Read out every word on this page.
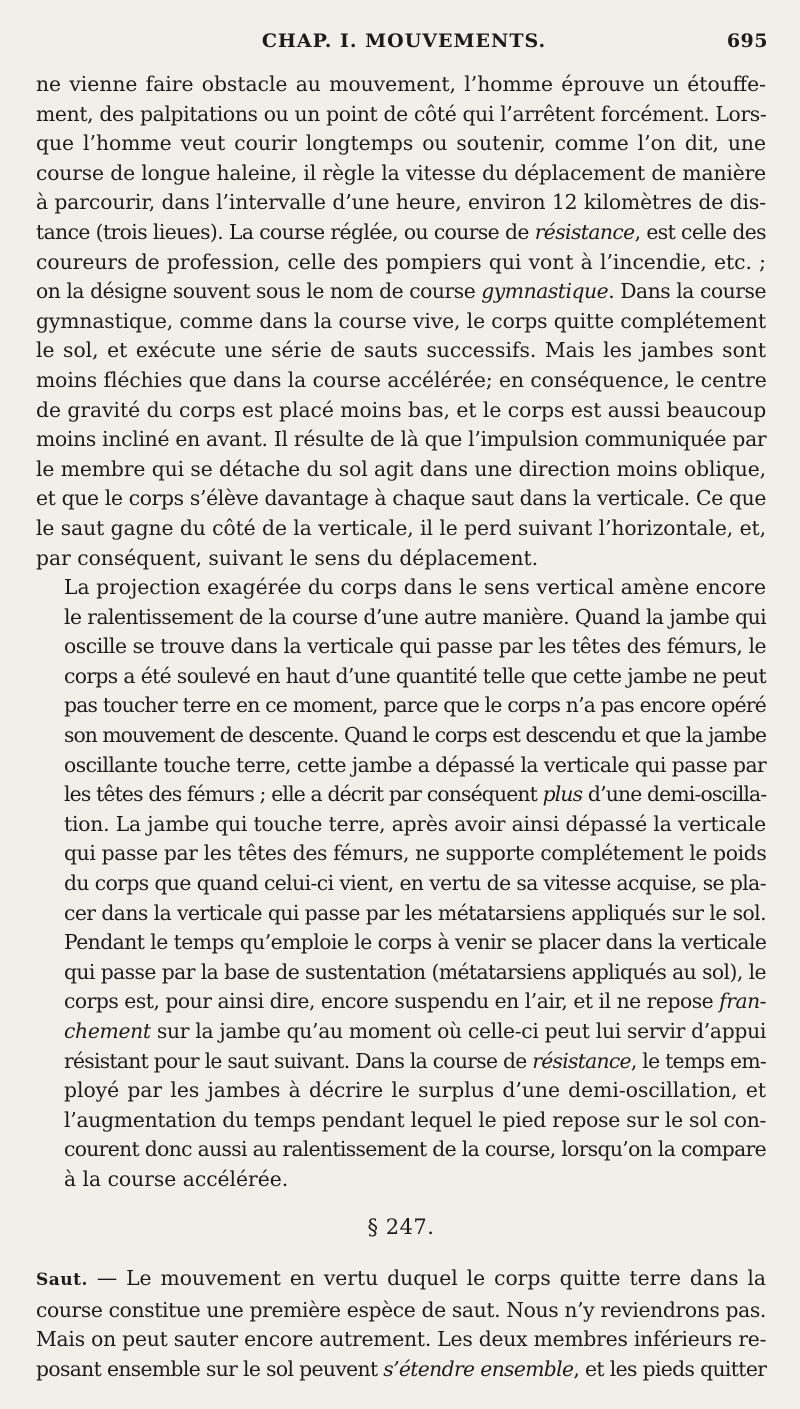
CHAP. I. MOUVEMENTS.	695

ne vienne faire obstacle au mouvement, l’homme éprouve un étouffe-
ment, des palpitations ou un point de côté qui l’arrêtent forcément. Lors-
que l’homme veut courir longtemps ou soutenir, comme l’on dit, une
course de longue haleine, il règle la vitesse du déplacement de manière
à parcourir, dans l’intervalle d’une heure, environ 12 kilomètres de dis-
tance (trois lieues). La course réglée, ou course de résistance, est celle des
coureurs de profession, celle des pompiers qui vont à l’incendie, etc. ;
on la désigne souvent sous le nom de course gymnastique. Dans la course
gymnastique, comme dans la course vive, le corps quitte complétement
le sol, et exécute une série de sauts successifs. Mais les jambes sont
moins fléchies que dans la course accélérée; en conséquence, le centre
de gravité du corps est placé moins bas, et le corps est aussi beaucoup
moins incliné en avant. Il résulte de là que l’impulsion communiquée par
le membre qui se détache du sol agit dans une direction moins oblique,
et que le corps s’élève davantage à chaque saut dans la verticale. Ce que
le saut gagne du côté de la verticale, il le perd suivant l’horizontale, et,
par conséquent, suivant le sens du déplacement.

La projection exagérée du corps dans le sens vertical amène encore
le ralentissement de la course d’une autre manière. Quand la jambe qui
oscille se trouve dans la verticale qui passe par les têtes des fémurs, le
corps a été soulevé en haut d’une quantité telle que cette jambe ne peut
pas toucher terre en ce moment, parce que le corps n’a pas encore opéré
son mouvement de descente. Quand le corps est descendu et que la jambe
oscillante touche terre, cette jambe a dépassé la verticale qui passe par
les têtes des fémurs ; elle a décrit par conséquent plus d’une demi-oscilla-
tion. La jambe qui touche terre, après avoir ainsi dépassé la verticale
qui passe par les têtes des fémurs, ne supporte complétement le poids
du corps que quand celui-ci vient, en vertu de sa vitesse acquise, se pla-
cer dans la verticale qui passe par les métatarsiens appliqués sur le sol.
Pendant le temps qu’emploie le corps à venir se placer dans la verticale
qui passe par la base de sustentation (métatarsiens appliqués au sol), le
corps est, pour ainsi dire, encore suspendu en l’air, et il ne repose fran-
chement sur la jambe qu’au moment où celle-ci peut lui servir d’appui
résistant pour le saut suivant. Dans la course de résistance, le temps em-
ployé par les jambes à décrire le surplus d’une demi-oscillation, et
l’augmentation du temps pendant lequel le pied repose sur le sol con-
courent donc aussi au ralentissement de la course, lorsqu’on la compare
à la course accélérée.

§ 247.

Saut. — Le mouvement en vertu duquel le corps quitte terre dans la
course constitue une première espèce de saut. Nous n’y reviendrons pas.
Mais on peut sauter encore autrement. Les deux membres inférieurs re-
posant ensemble sur le sol peuvent s’étendre ensemble, et les pieds quitter
